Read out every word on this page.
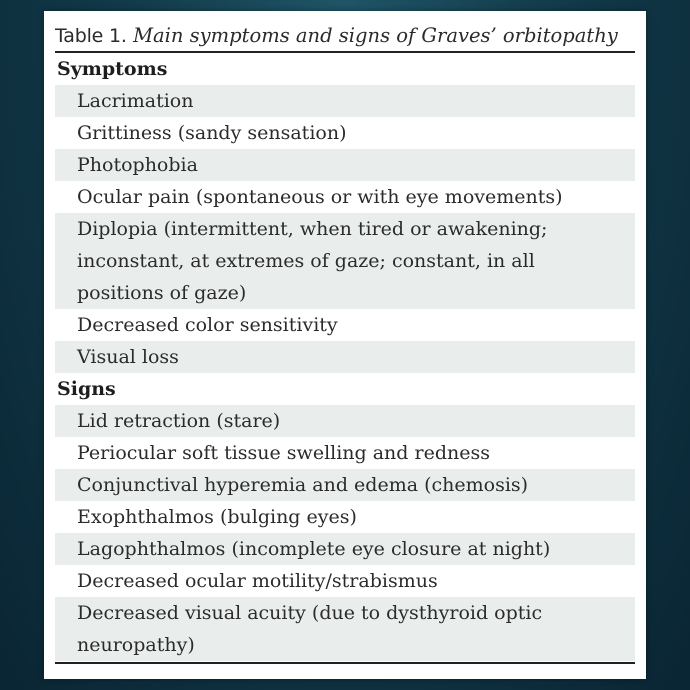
Table 1. Main symptoms and signs of Graves’ orbitopathy
Symptoms
Lacrimation
Grittiness (sandy sensation)
Photophobia
Ocular pain (spontaneous or with eye movements)
Diplopia (intermittent, when tired or awakening;
inconstant, at extremes of gaze; constant, in all
positions of gaze)
Decreased color sensitivity
Visual loss
Signs
Lid retraction (stare)
Periocular soft tissue swelling and redness
Conjunctival hyperemia and edema (chemosis)
Exophthalmos (bulging eyes)
Lagophthalmos (incomplete eye closure at night)
Decreased ocular motility/strabismus
Decreased visual acuity (due to dysthyroid optic
neuropathy)
